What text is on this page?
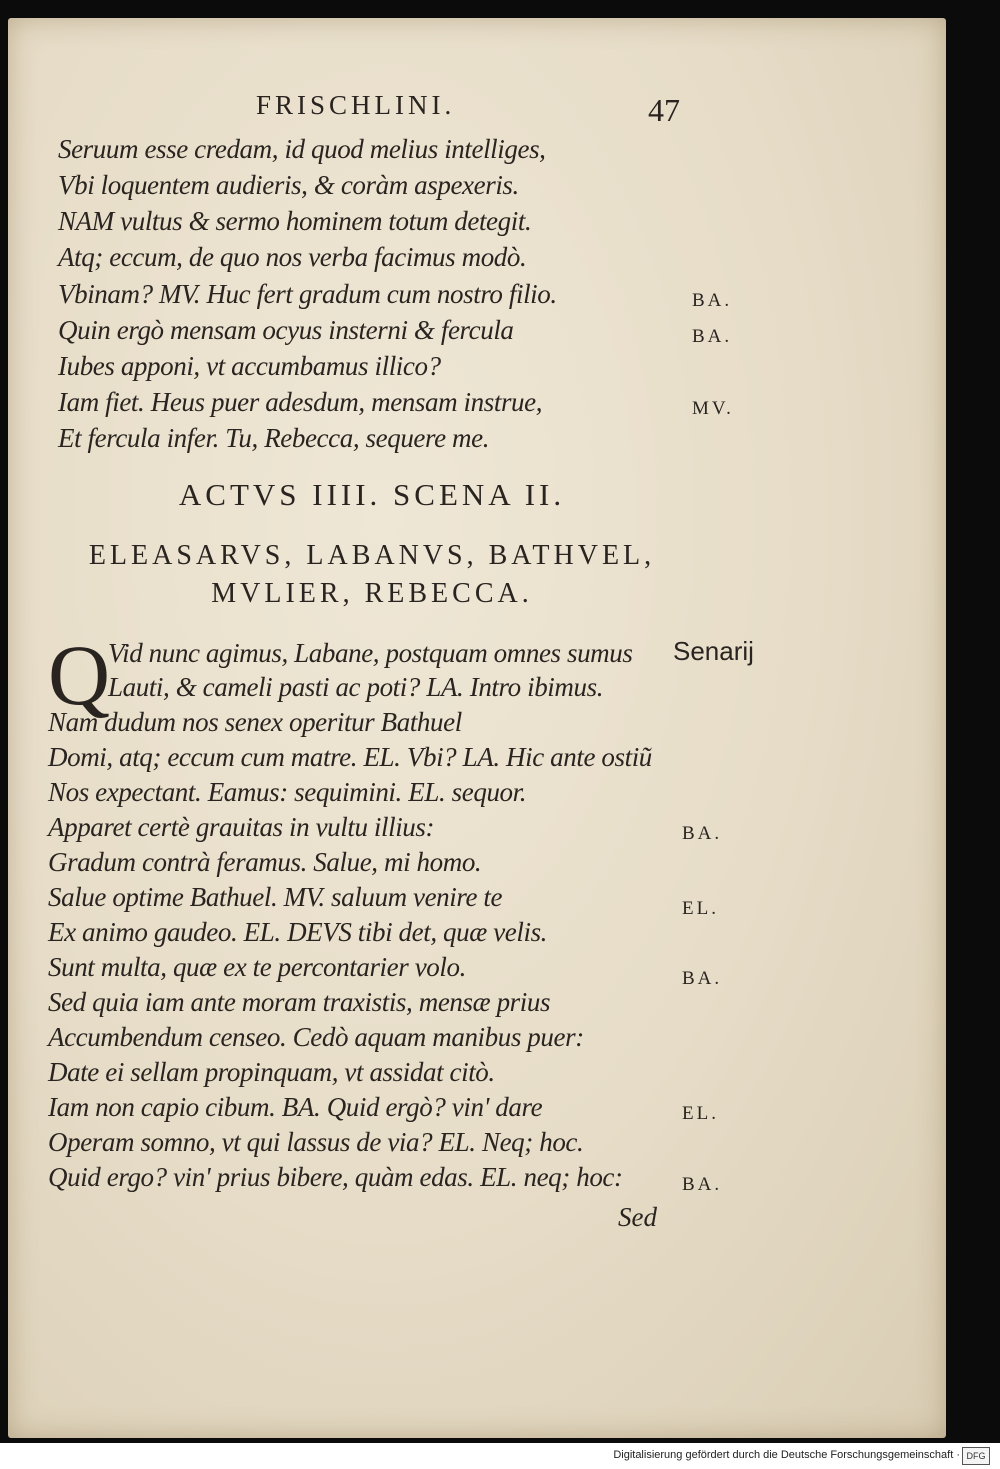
FRISCHLINI.	47
Seruum esse credam, id quod melius intelliges,
Vbi loquentem audieris, & coràm aspexeris.
NAM vultus & sermo hominem totum detegit.
Atq; eccum, de quo nos verba facimus modò.
Vbinam? MV. Huc fert gradum cum nostro filio.
Quin ergò mensam ocyus insterni & fercula
Iubes apponi, vt accumbamus illico?
Iam fiet. Heus puer adesdum, mensam instrue,
Et fercula infer. Tu, Rebecca, sequere me.
BA.
BA.
MV.
ACTVS IIII. SCENA II.
ELEASARVS, LABANVS, BATHVEL,
MVLIER, REBECCA.
Q	Senarij
Vid nunc agimus, Labane, postquam omnes sumus
Lauti, & cameli pasti ac poti? LA. Intro ibimus.
Nam dudum nos senex operitur Bathuel
Domi, atq; eccum cum matre. EL. Vbi? LA. Hic ante ostiũ
Nos expectant. Eamus: sequimini. EL. sequor.
Apparet certè grauitas in vultu illius:
Gradum contrà feramus. Salue, mi homo.
Salue optime Bathuel. MV. saluum venire te
Ex animo gaudeo. EL. DEVS tibi det, quæ velis.
Sunt multa, quæ ex te percontarier volo.
Sed quia iam ante moram traxistis, mensæ prius
Accumbendum censeo. Cedò aquam manibus puer:
Date ei sellam propinquam, vt assidat citò.
Iam non capio cibum. BA. Quid ergò? vin' dare
Operam somno, vt qui lassus de via? EL. Neq; hoc.
Quid ergo? vin' prius bibere, quàm edas. EL. neq; hoc:
BA.
EL.
BA.
EL.
BA.
Sed
Digitalisierung gefördert durch die Deutsche Forschungsgemeinschaft · DFG
